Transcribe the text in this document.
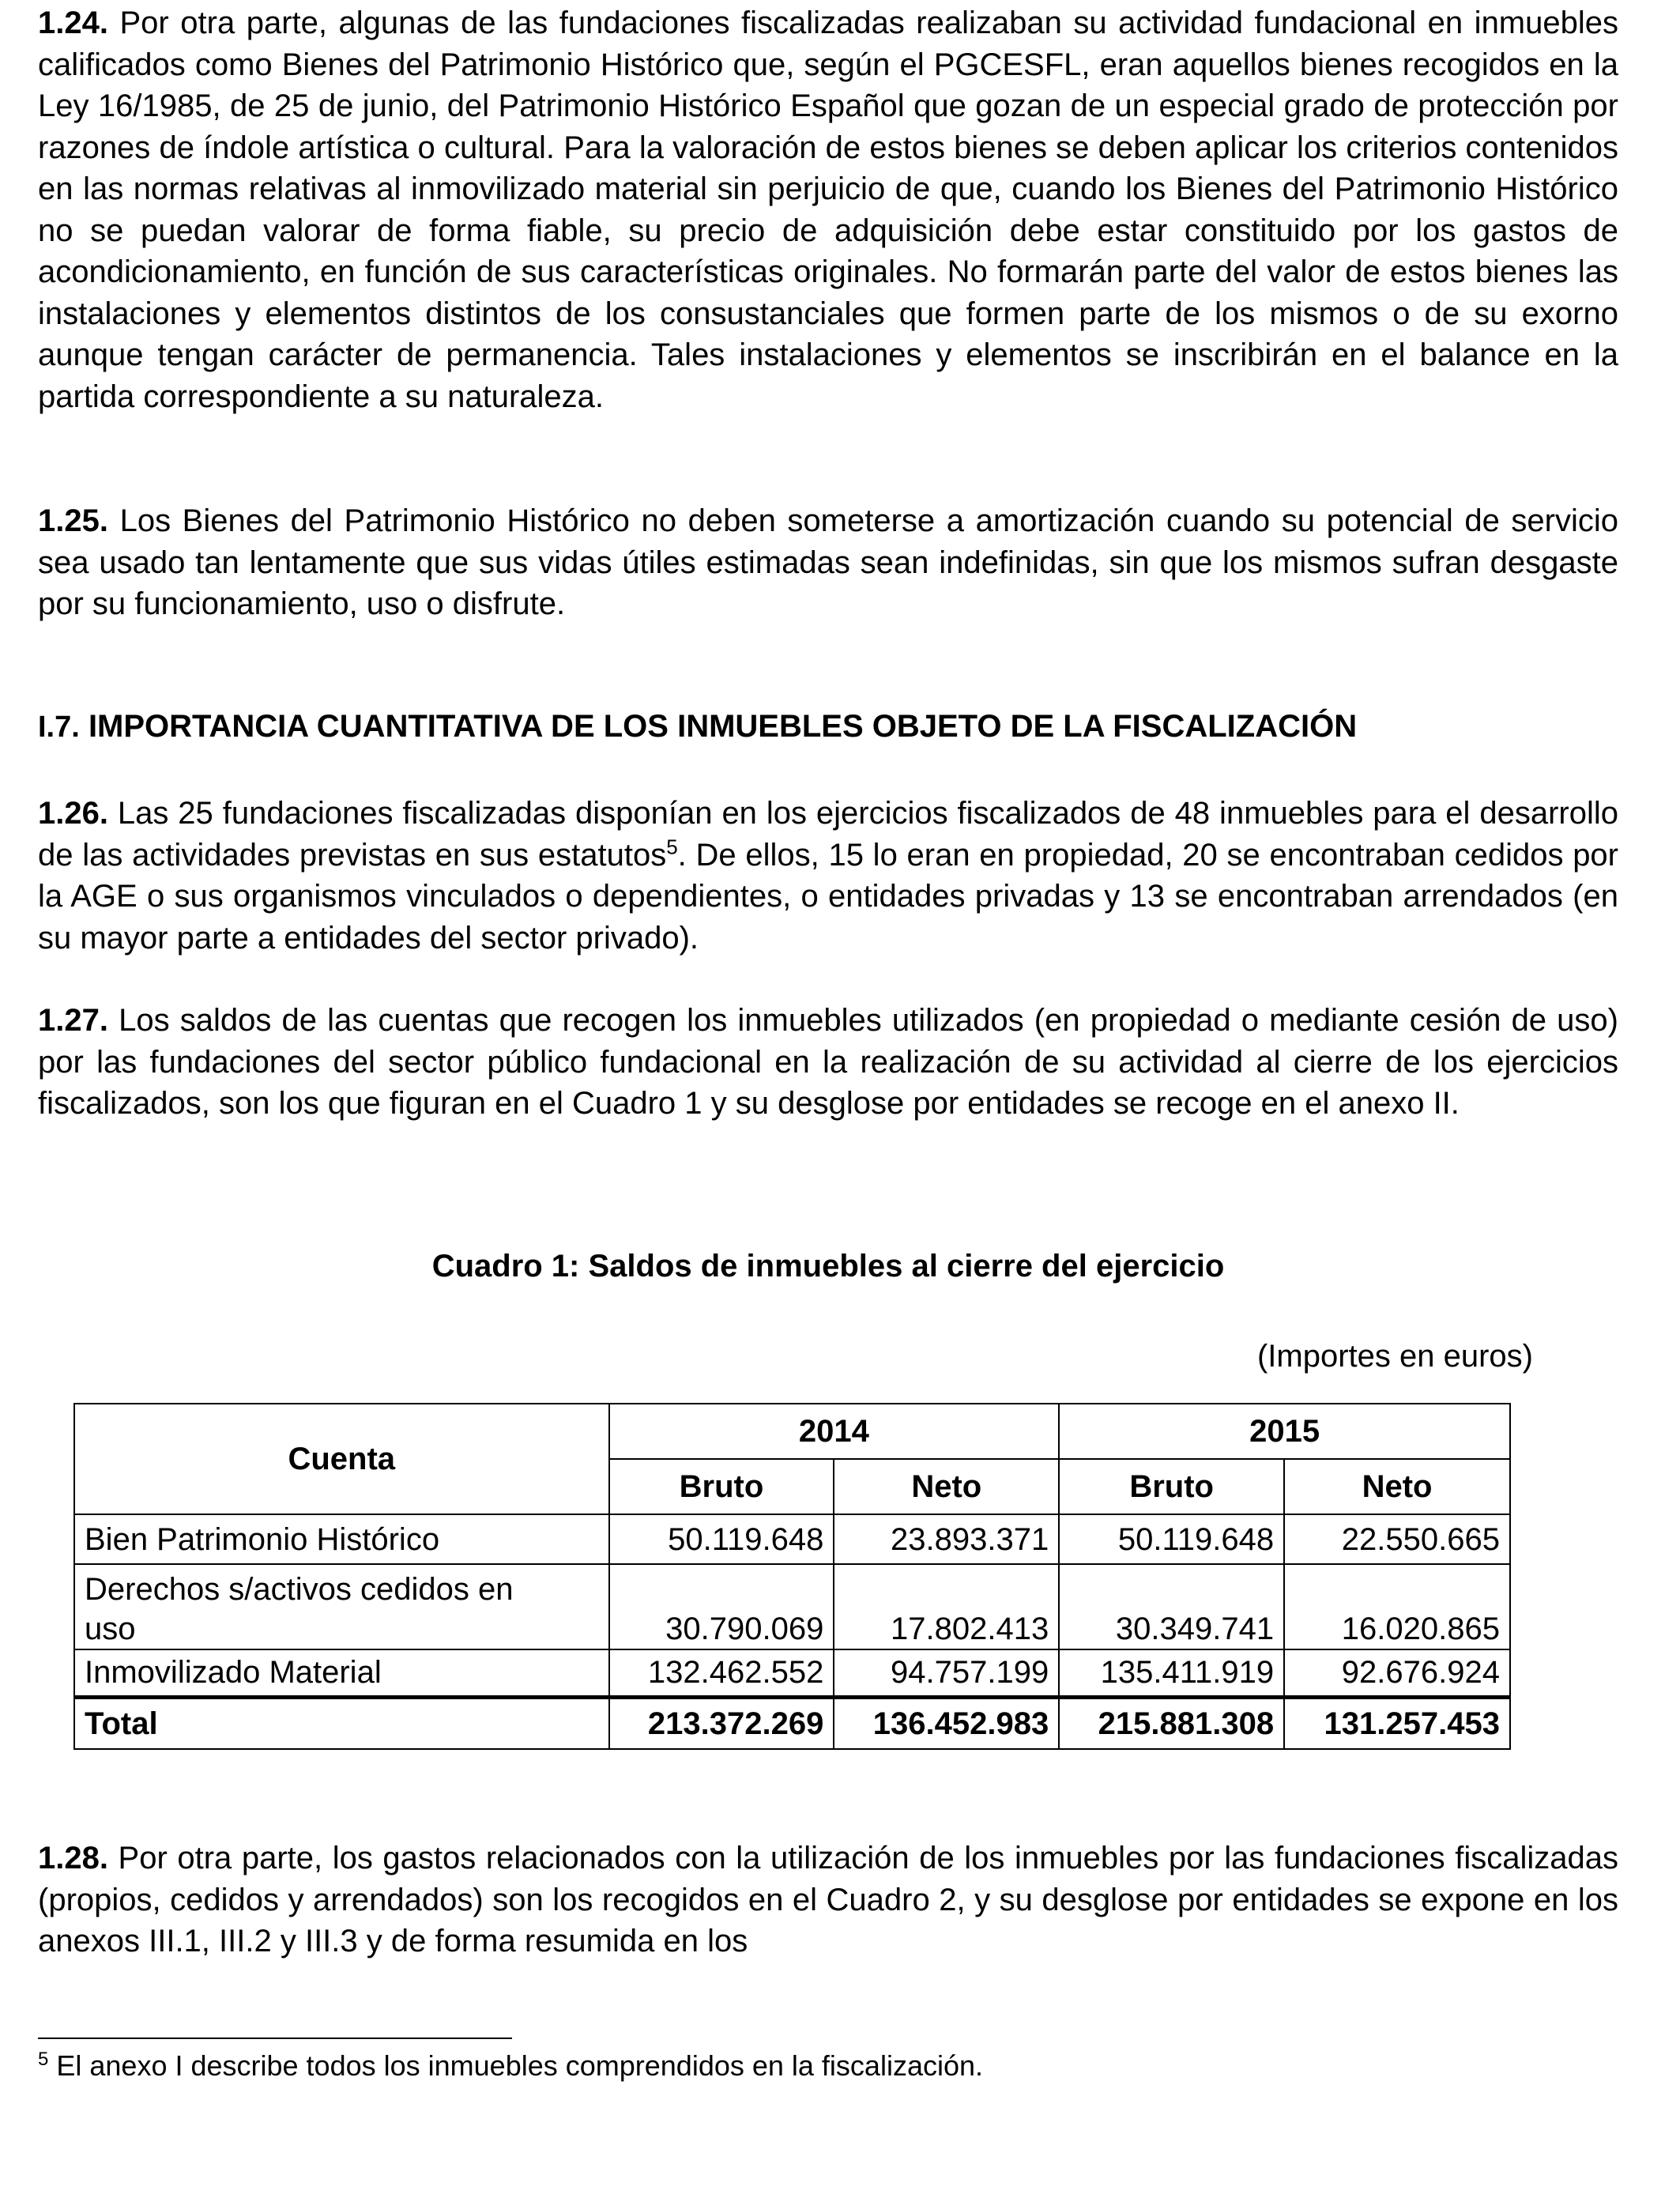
1.24. Por otra parte, algunas de las fundaciones fiscalizadas realizaban su actividad fundacional en inmuebles calificados como Bienes del Patrimonio Histórico que, según el PGCESFL, eran aquellos bienes recogidos en la Ley 16/1985, de 25 de junio, del Patrimonio Histórico Español que gozan de un especial grado de protección por razones de índole artística o cultural. Para la valoración de estos bienes se deben aplicar los criterios contenidos en las normas relativas al inmovilizado material sin perjuicio de que, cuando los Bienes del Patrimonio Histórico no se puedan valorar de forma fiable, su precio de adquisición debe estar constituido por los gastos de acondicionamiento, en función de sus características originales. No formarán parte del valor de estos bienes las instalaciones y elementos distintos de los consustanciales que formen parte de los mismos o de su exorno aunque tengan carácter de permanencia. Tales instalaciones y elementos se inscribirán en el balance en la partida correspondiente a su naturaleza.

1.25. Los Bienes del Patrimonio Histórico no deben someterse a amortización cuando su potencial de servicio sea usado tan lentamente que sus vidas útiles estimadas sean indefinidas, sin que los mismos sufran desgaste por su funcionamiento, uso o disfrute.

I.7. IMPORTANCIA CUANTITATIVA DE LOS INMUEBLES OBJETO DE LA FISCALIZACIÓN

1.26. Las 25 fundaciones fiscalizadas disponían en los ejercicios fiscalizados de 48 inmuebles para el desarrollo de las actividades previstas en sus estatutos$^5$. De ellos, 15 lo eran en propiedad, 20 se encontraban cedidos por la AGE o sus organismos vinculados o dependientes, o entidades privadas y 13 se encontraban arrendados (en su mayor parte a entidades del sector privado).

1.27. Los saldos de las cuentas que recogen los inmuebles utilizados (en propiedad o mediante cesión de uso) por las fundaciones del sector público fundacional en la realización de su actividad al cierre de los ejercicios fiscalizados, son los que figuran en el Cuadro 1 y su desglose por entidades se recoge en el anexo II.

Cuadro 1: Saldos de inmuebles al cierre del ejercicio
(Importes en euros)

1.28. Por otra parte, los gastos relacionados con la utilización de los inmuebles por las fundaciones fiscalizadas (propios, cedidos y arrendados) son los recogidos en el Cuadro 2, y su desglose por entidades se expone en los anexos III.1, III.2 y III.3 y de forma resumida en los

Cuenta	2014		2015	
	Bruto	Neto	Bruto	Neto
Bien Patrimonio Histórico	50.119.648	23.893.371	50.119.648	22.550.665
Derechos s/activos cedidos en
uso	30.790.069	17.802.413	30.349.741	16.020.865
Inmovilizado Material	132.462.552	94.757.199	135.411.919	92.676.924
Total	213.372.269	136.452.983	215.881.308	131.257.453
$^5$ El anexo I describe todos los inmuebles comprendidos en la fiscalización.
